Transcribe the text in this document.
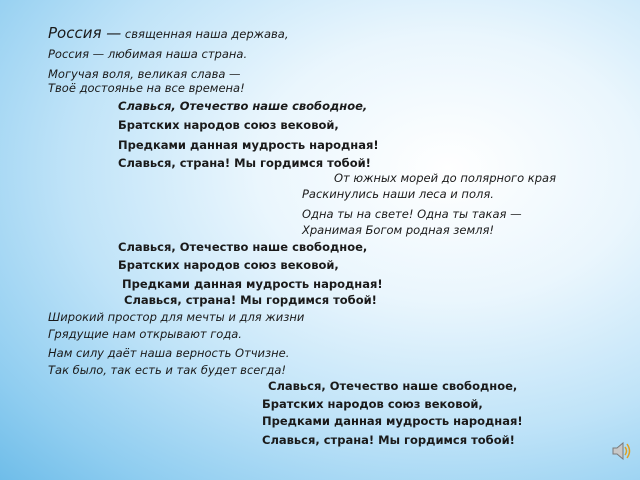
Россия — священная наша держава,
Россия — любимая наша страна.
Могучая воля, великая слава —
Твоё достоянье на все времена!
Славься, Отечество наше свободное,
Братских народов союз вековой,
Предками данная мудрость народная!
Славься, страна! Мы гордимся тобой!
От южных морей до полярного края
Раскинулись наши леса и поля.
Одна ты на свете! Одна ты такая —
Хранимая Богом родная земля!
Славься, Отечество наше свободное,
Братских народов союз вековой,
Предками данная мудрость народная!
Славься, страна! Мы гордимся тобой!
Широкий простор для мечты и для жизни
Грядущие нам открывают года.
Нам силу даёт наша верность Отчизне.
Так было, так есть и так будет всегда!
Славься, Отечество наше свободное,
Братских народов союз вековой,
Предками данная мудрость народная!
Славься, страна! Мы гордимся тобой!
